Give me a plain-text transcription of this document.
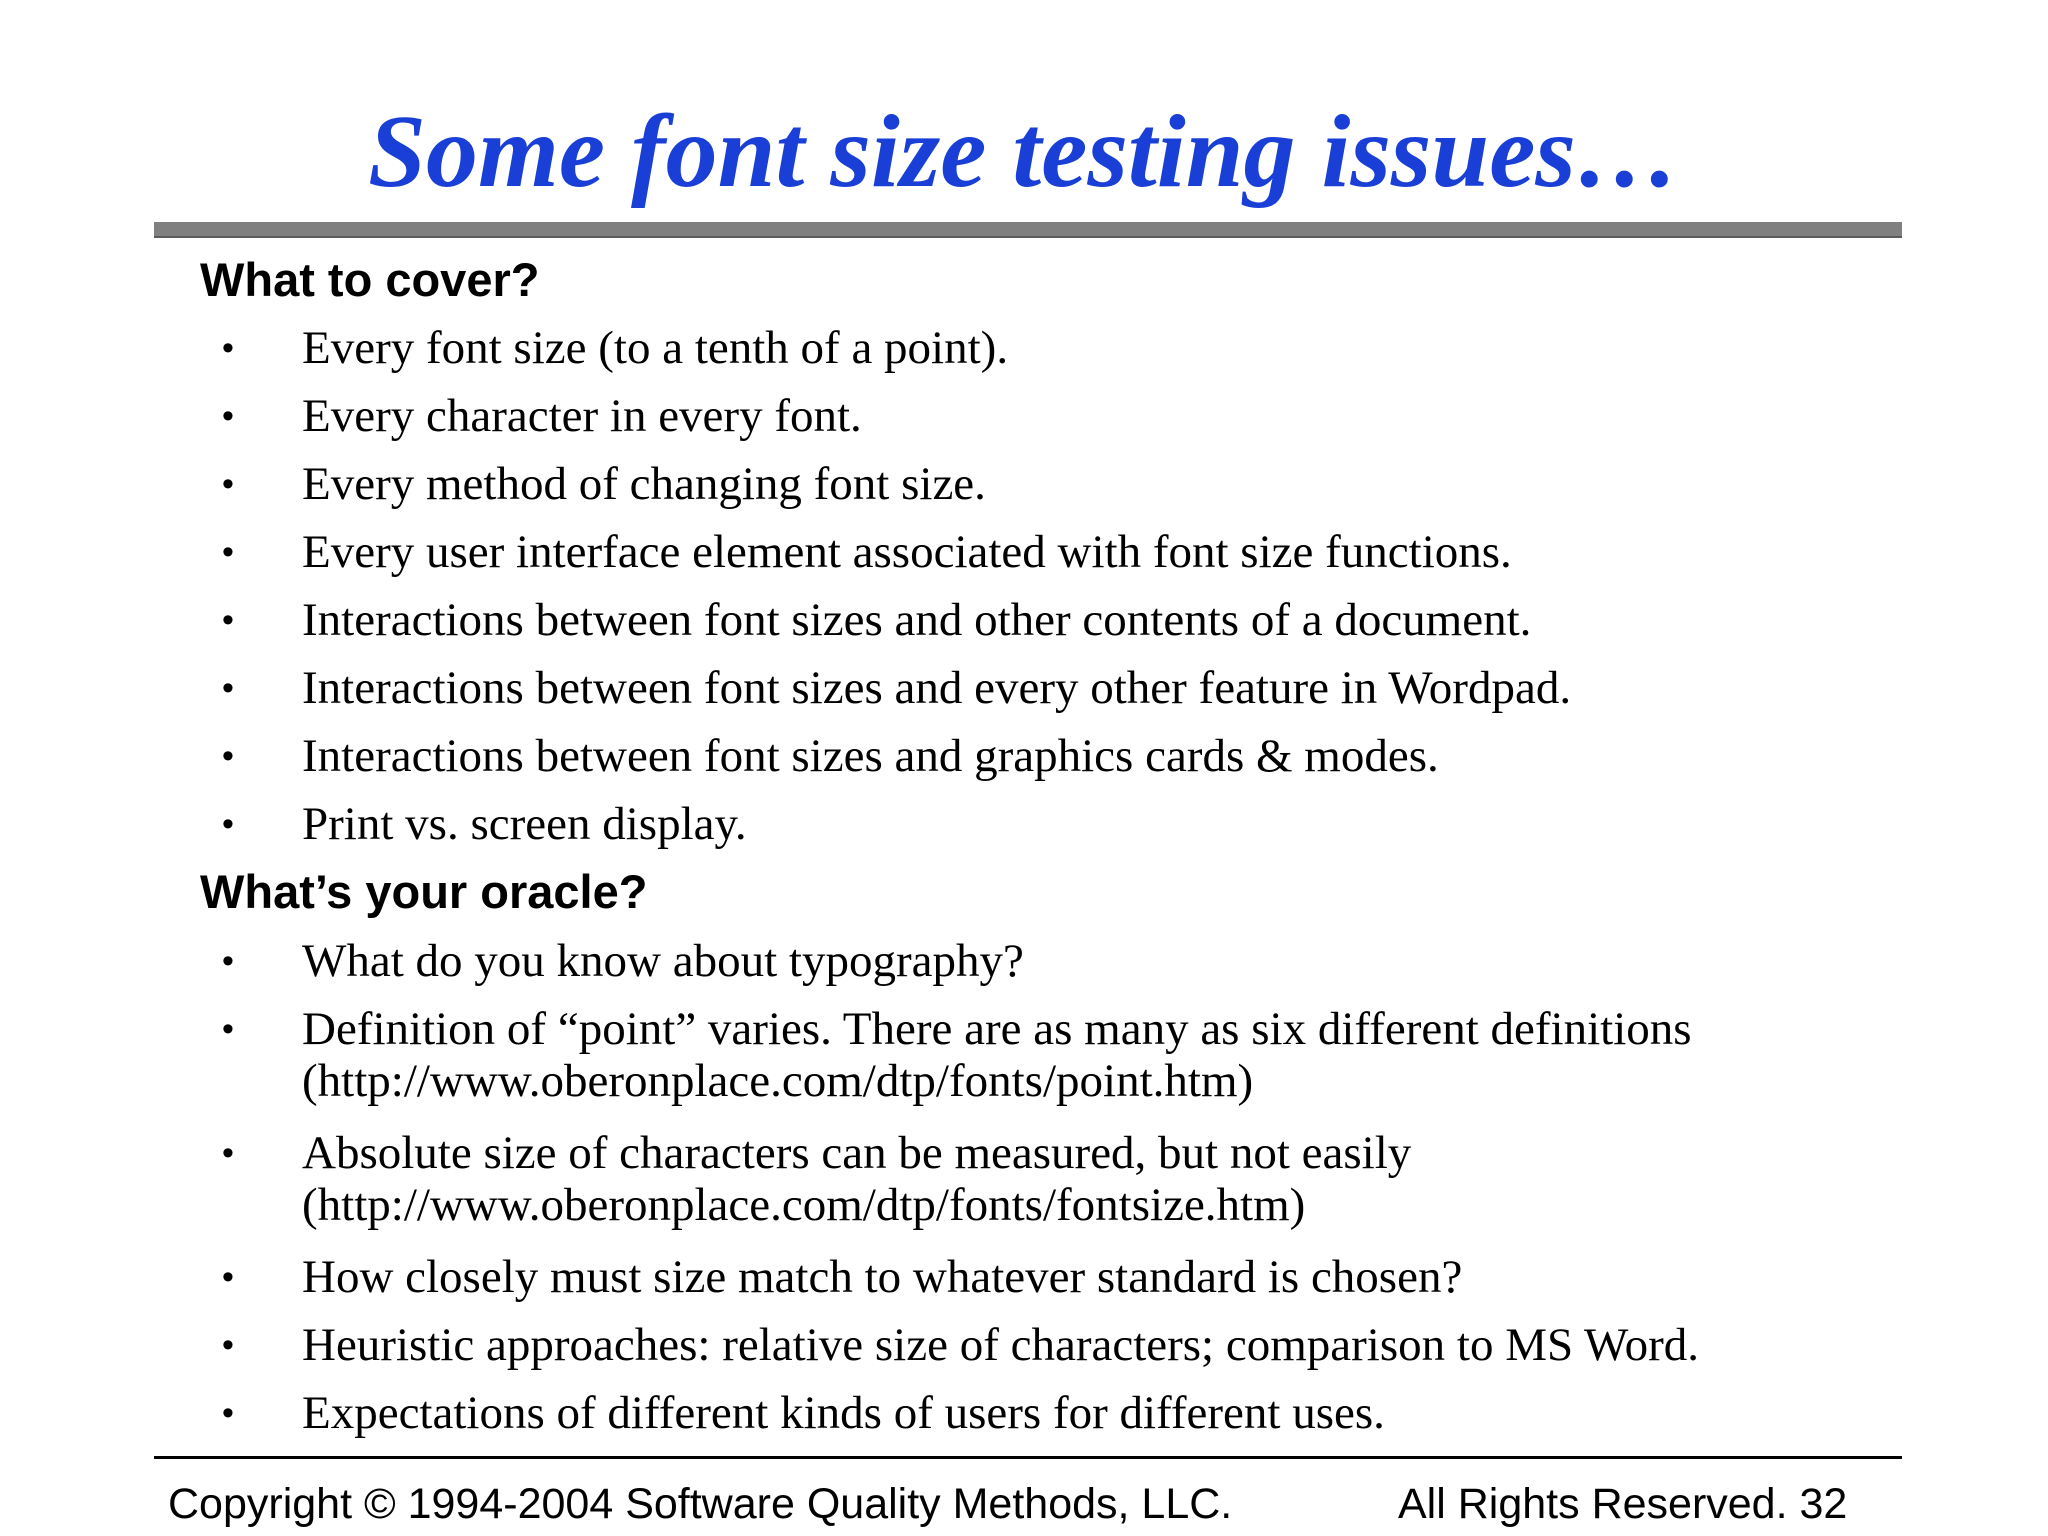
Some font size testing issues…
What to cover?
• Every font size (to a tenth of a point).
• Every character in every font.
• Every method of changing font size.
• Every user interface element associated with font size functions.
• Interactions between font sizes and other contents of a document.
• Interactions between font sizes and every other feature in Wordpad.
• Interactions between font sizes and graphics cards & modes.
• Print vs. screen display.
What’s your oracle?
• What do you know about typography?
• Definition of “point” varies. There are as many as six different definitions
(http://www.oberonplace.com/dtp/fonts/point.htm)
• Absolute size of characters can be measured, but not easily
(http://www.oberonplace.com/dtp/fonts/fontsize.htm)
• How closely must size match to whatever standard is chosen?
• Heuristic approaches: relative size of characters; comparison to MS Word.
• Expectations of different kinds of users for different uses.
Copyright © 1994-2004 Software Quality Methods, LLC.	All Rights Reserved. 32
